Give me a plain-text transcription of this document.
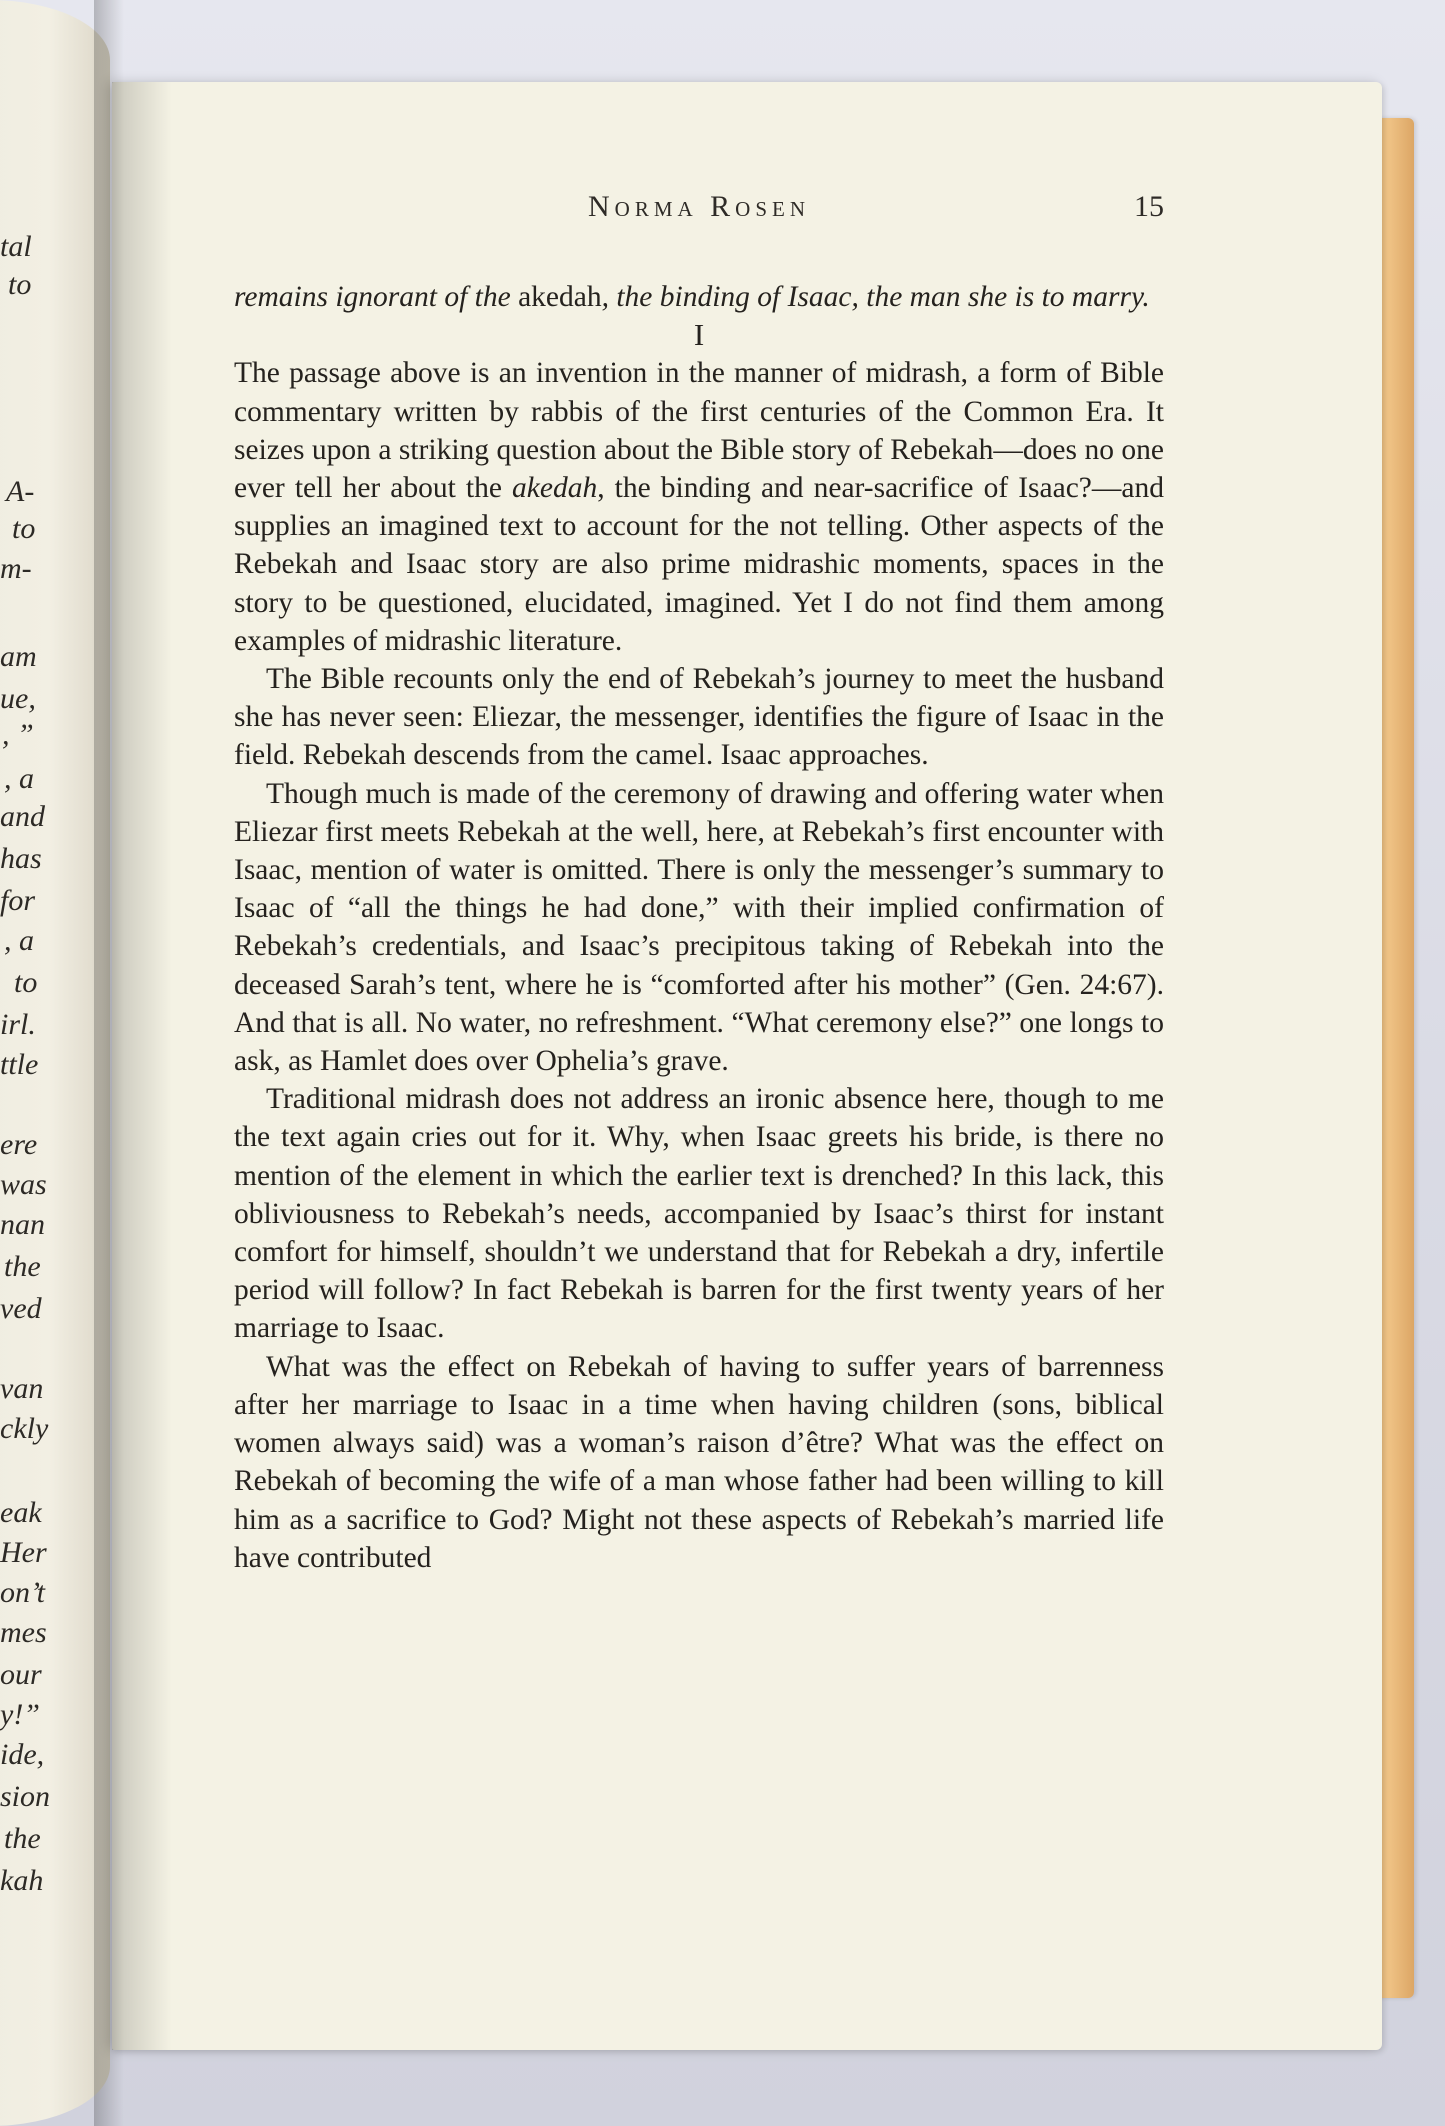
tal
to
A-
to
m-
am
ue,
, ”
, a
and
has
for
, a
to
irl.
ttle
ere
was
nan
the
ved
van
ckly
eak
Her
on’t
mes
our
y!”
ide,
sion
the
kah
Norma Rosen	15

remains ignorant of the akedah, the binding of Isaac, the man she is to marry.

I

The passage above is an invention in the manner of midrash, a form of Bible commentary written by rabbis of the first centuries of the Common Era. It seizes upon a striking question about the Bible story of Rebekah—does no one ever tell her about the akedah, the binding and near-sacrifice of Isaac?—and supplies an imagined text to account for the not telling. Other aspects of the Rebekah and Isaac story are also prime midrashic moments, spaces in the story to be questioned, elucidated, imagined. Yet I do not find them among examples of midrashic literature.

The Bible recounts only the end of Rebekah’s journey to meet the husband she has never seen: Eliezar, the messenger, identifies the figure of Isaac in the field. Rebekah descends from the camel. Isaac approaches.

Though much is made of the ceremony of drawing and offering water when Eliezar first meets Rebekah at the well, here, at Rebekah’s first encounter with Isaac, mention of water is omitted. There is only the messenger’s summary to Isaac of “all the things he had done,” with their implied confirmation of Rebekah’s credentials, and Isaac’s precipitous taking of Rebekah into the deceased Sarah’s tent, where he is “comforted after his mother” (Gen. 24:67). And that is all. No water, no refreshment. “What ceremony else?” one longs to ask, as Hamlet does over Ophelia’s grave.

Traditional midrash does not address an ironic absence here, though to me the text again cries out for it. Why, when Isaac greets his bride, is there no mention of the element in which the earlier text is drenched? In this lack, this obliviousness to Rebekah’s needs, accompanied by Isaac’s thirst for instant comfort for himself, shouldn’t we understand that for Rebekah a dry, infertile period will follow? In fact Rebekah is barren for the first twenty years of her marriage to Isaac.

What was the effect on Rebekah of having to suffer years of barrenness after her marriage to Isaac in a time when having children (sons, biblical women always said) was a woman’s raison d’être? What was the effect on Rebekah of becoming the wife of a man whose father had been willing to kill him as a sacrifice to God? Might not these aspects of Rebekah’s married life have contributed
